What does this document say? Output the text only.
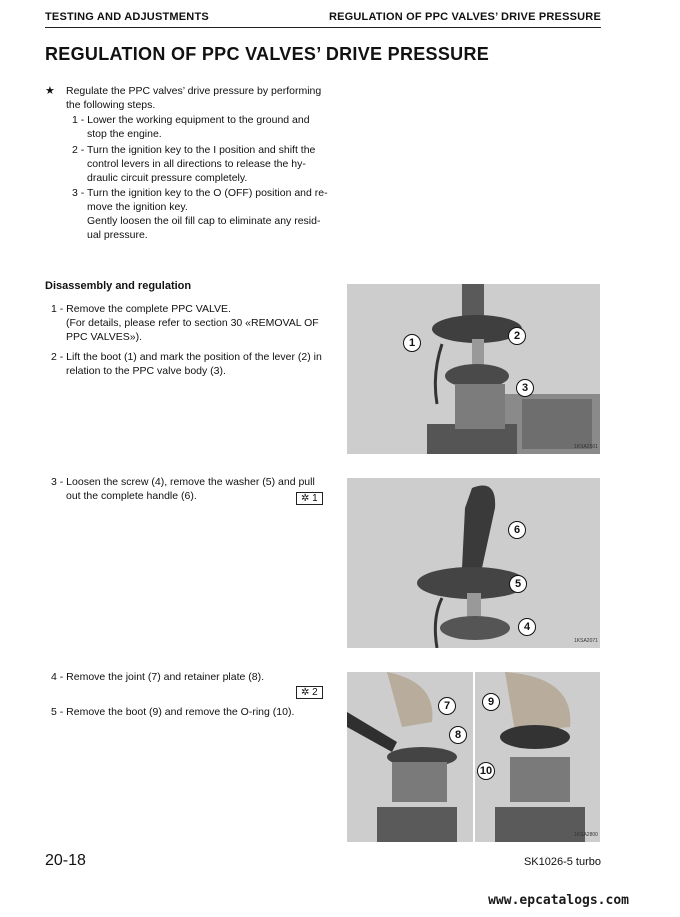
TESTING AND ADJUSTMENTS	REGULATION OF PPC VALVES’ DRIVE PRESSURE
REGULATION OF PPC VALVES’ DRIVE PRESSURE
★ Regulate the PPC valves’ drive pressure by performing
the following steps.
1 - Lower the working equipment to the ground and
stop the engine.
2 - Turn the ignition key to the I position and shift the
control levers in all directions to release the hy-
draulic circuit pressure completely.
3 - Turn the ignition key to the O (OFF) position and re-
move the ignition key.
Gently loosen the oil fill cap to eliminate any resid-
ual pressure.
Disassembly and regulation
1 - Remove the complete PPC VALVE.
(For details, please refer to section 30 «REMOVAL OF
PPC VALVES»).
2 - Lift the boot (1) and mark the position of the lever (2) in
relation to the PPC valve body (3).
3 - Loosen the screw (4), remove the washer (5) and pull
out the complete handle (6).	✲ 1
4 - Remove the joint (7) and retainer plate (8).
✲ 2
5 - Remove the boot (9) and remove the O-ring (10).
1
2
3
1KSA2501
6
5
4
1KSA2071
7
8
9
10
1KSA2800
20-18	SK1026-5 turbo
www.epcatalogs.com
